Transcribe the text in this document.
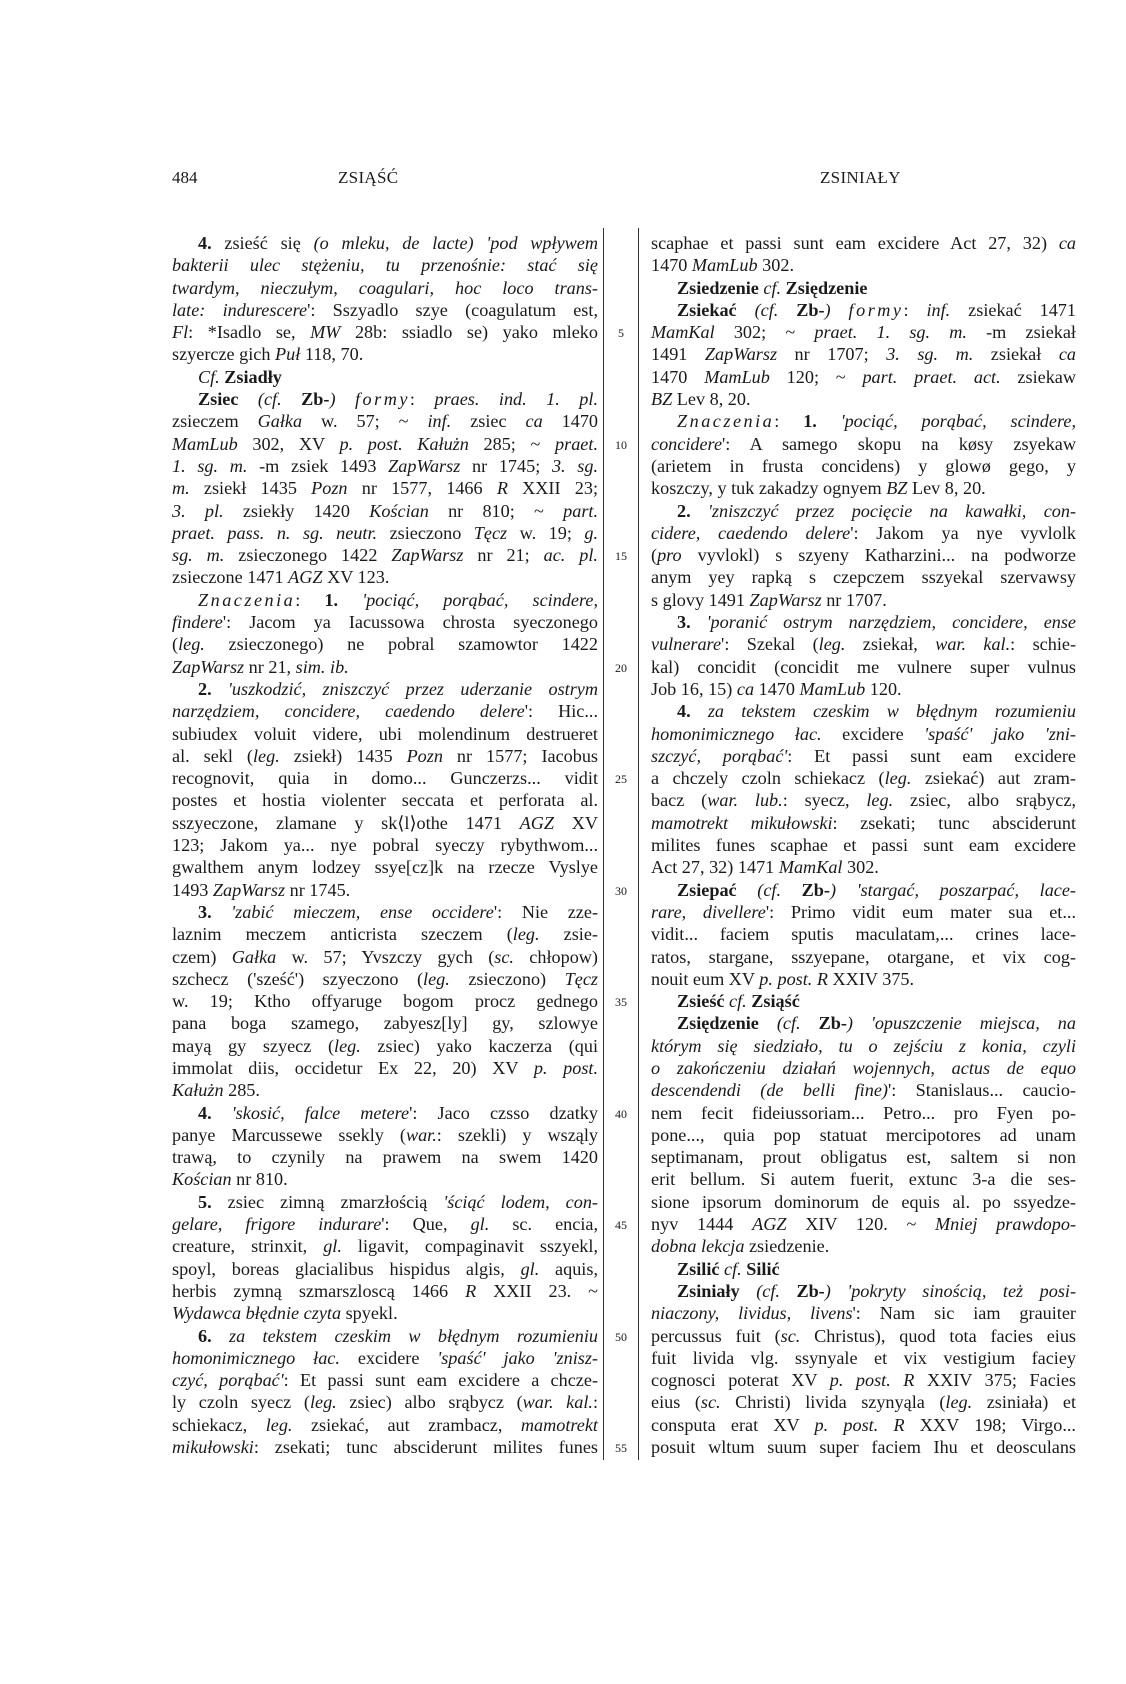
484	ZSIĄŚĆ	ZSINIAŁY
5
10
15
20
25
30
35
40
45
50
55
4. zsieść się (o mleku, de lacte) 'pod wpływem
bakterii ulec stężeniu, tu przenośnie: stać się
twardym, nieczułym, coagulari, hoc loco trans-
late: indurescere': Sszyadlo szye (coagulatum est,
Fl: *Isadlo se, MW 28b: ssiadlo se) yako mleko
szyercze gich Puł 118, 70.
Cf. Zsiadły
Zsiec (cf. Zb-) formy: praes. ind. 1. pl.
zsieczem Gałka w. 57; ~ inf. zsiec ca 1470
MamLub 302, XV p. post. Kałużn 285; ~ praet.
1. sg. m. -m zsiek 1493 ZapWarsz nr 1745; 3. sg.
m. zsiekł 1435 Pozn nr 1577, 1466 R XXII 23;
3. pl. zsiekły 1420 Kościan nr 810; ~ part.
praet. pass. n. sg. neutr. zsieczono Tęcz w. 19; g.
sg. m. zsieczonego 1422 ZapWarsz nr 21; ac. pl.
zsieczone 1471 AGZ XV 123.
Znaczenia: 1. 'pociąć, porąbać, scindere,
findere': Jacom ya Iacussowa chrosta syeczonego
(leg. zsieczonego) ne pobral szamowtor 1422
ZapWarsz nr 21, sim. ib.
2. 'uszkodzić, zniszczyć przez uderzanie ostrym
narzędziem, concidere, caedendo delere': Hic...
subiudex voluit videre, ubi molendinum destrueret
al. sekl (leg. zsiekł) 1435 Pozn nr 1577; Iacobus
recognovit, quia in domo... Gunczerzs... vidit
postes et hostia violenter seccata et perforata al.
sszyeczone, zlamane y sk⟨l⟩othe 1471 AGZ XV
123; Jakom ya... nye pobral syeczy rybythwom...
gwalthem anym lodzey ssye[cz]k na rzecze Vyslye
1493 ZapWarsz nr 1745.
3. 'zabić mieczem, ense occidere': Nie zze-
laznim meczem anticrista szeczem (leg. zsie-
czem) Gałka w. 57; Yvszczy gych (sc. chłopow)
szchecz ('sześć') szyeczono (leg. zsieczono) Tęcz
w. 19; Ktho offyaruge bogom procz gednego
pana boga szamego, zabyesz[ly] gy, szlowye
mayą gy szyecz (leg. zsiec) yako kaczerza (qui
immolat diis, occidetur Ex 22, 20) XV p. post.
Kałużn 285.
4. 'skosić, falce metere': Jaco czsso dzatky
panye Marcussewe ssekly (war.: szekli) y wsząly
trawą, to czynily na prawem na swem 1420
Kościan nr 810.
5. zsiec zimną zmarzłością 'ściąć lodem, con-
gelare, frigore indurare': Que, gl. sc. encia,
creature, strinxit, gl. ligavit, compaginavit sszyekl,
spoyl, boreas glacialibus hispidus algis, gl. aquis,
herbis zymną szmarszloscą 1466 R XXII 23. ~
Wydawca błędnie czyta spyekl.
6. za tekstem czeskim w błędnym rozumieniu
homonimicznego łac. excidere 'spaść' jako 'znisz-
czyć, porąbać': Et passi sunt eam excidere a chcze-
ly czoln syecz (leg. zsiec) albo srąbycz (war. kal.:
schiekacz, leg. zsiekać, aut zrambacz, mamotrekt
mikułowski: zsekati; tunc absciderunt milites funes
scaphae et passi sunt eam excidere Act 27, 32) ca
1470 MamLub 302.
Zsiedzenie cf. Zsiędzenie
Zsiekać (cf. Zb-) formy: inf. zsiekać 1471
MamKal 302; ~ praet. 1. sg. m. -m zsiekał
1491 ZapWarsz nr 1707; 3. sg. m. zsiekał ca
1470 MamLub 120; ~ part. praet. act. zsiekaw
BZ Lev 8, 20.
Znaczenia: 1. 'pociąć, porąbać, scindere,
concidere': A samego skopu na køsy zsyekaw
(arietem in frusta concidens) y glowø gego, y
koszczy, y tuk zakadzy ognyem BZ Lev 8, 20.
2. 'zniszczyć przez pocięcie na kawałki, con-
cidere, caedendo delere': Jakom ya nye vyvlolk
(pro vyvlokl) s szyeny Katharzini... na podworze
anym yey rapką s czepczem sszyekal szervawsy
s glovy 1491 ZapWarsz nr 1707.
3. 'poranić ostrym narzędziem, concidere, ense
vulnerare': Szekal (leg. zsiekał, war. kal.: schie-
kal) concidit (concidit me vulnere super vulnus
Job 16, 15) ca 1470 MamLub 120.
4. za tekstem czeskim w błędnym rozumieniu
homonimicznego łac. excidere 'spaść' jako 'zni-
szczyć, porąbać': Et passi sunt eam excidere
a chczely czoln schiekacz (leg. zsiekać) aut zram-
bacz (war. lub.: syecz, leg. zsiec, albo srąbycz,
mamotrekt mikułowski: zsekati; tunc absciderunt
milites funes scaphae et passi sunt eam excidere
Act 27, 32) 1471 MamKal 302.
Zsiepać (cf. Zb-) 'stargać, poszarpać, lace-
rare, divellere': Primo vidit eum mater sua et...
vidit... faciem sputis maculatam,... crines lace-
ratos, stargane, sszyepane, otargane, et vix cog-
nouit eum XV p. post. R XXIV 375.
Zsieść cf. Zsiąść
Zsiędzenie (cf. Zb-) 'opuszczenie miejsca, na
którym się siedziało, tu o zejściu z konia, czyli
o zakończeniu działań wojennych, actus de equo
descendendi (de belli fine)': Stanislaus... caucio-
nem fecit fideiussoriam... Petro... pro Fyen po-
pone..., quia pop statuat mercipotores ad unam
septimanam, prout obligatus est, saltem si non
erit bellum. Si autem fuerit, extunc 3-a die ses-
sione ipsorum dominorum de equis al. po ssyedze-
nyv 1444 AGZ XIV 120. ~ Mniej prawdopo-
dobna lekcja zsiedzenie.
Zsilić cf. Silić
Zsiniały (cf. Zb-) 'pokryty sinością, też posi-
niaczony, lividus, livens': Nam sic iam grauiter
percussus fuit (sc. Christus), quod tota facies eius
fuit livida vlg. ssynyale et vix vestigium faciey
cognosci poterat XV p. post. R XXIV 375; Facies
eius (sc. Christi) livida szynyąla (leg. zsiniała) et
consputa erat XV p. post. R XXV 198; Virgo...
posuit wltum suum super faciem Ihu et deosculans
